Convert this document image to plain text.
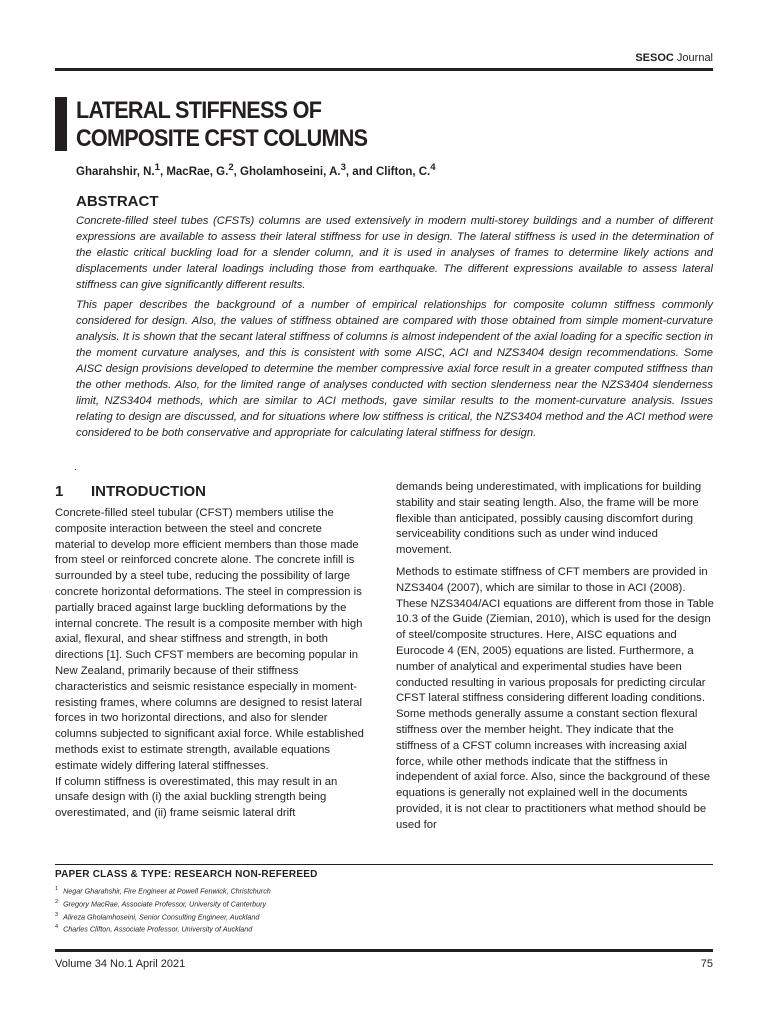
SESOC Journal
LATERAL STIFFNESS OF
COMPOSITE CFST COLUMNS
Gharahshir, N.$^1$, MacRae, G.$^2$, Gholamhoseini, A.$^3$, and Clifton, C.$^4$
ABSTRACT

Concrete-filled steel tubes (CFSTs) columns are used extensively in modern multi-storey buildings and a number of different expressions are available to assess their lateral stiffness for use in design. The lateral stiffness is used in the determination of the elastic critical buckling load for a slender column, and it is used in analyses of frames to determine likely actions and displacements under lateral loadings including those from earthquake. The different expressions available to assess lateral stiffness can give significantly different results.

This paper describes the background of a number of empirical relationships for composite column stiffness commonly considered for design. Also, the values of stiffness obtained are compared with those obtained from simple moment-curvature analysis. It is shown that the secant lateral stiffness of columns is almost independent of the axial loading for a specific section in the moment curvature analyses, and this is consistent with some AISC, ACI and NZS3404 design recommendations. Some AISC design provisions developed to determine the member compressive axial force result in a greater computed stiffness than the other methods. Also, for the limited range of analyses conducted with section slenderness near the NZS3404 slenderness limit, NZS3404 methods, which are similar to ACI methods, gave similar results to the moment-curvature analysis. Issues relating to design are discussed, and for situations where low stiffness is critical, the NZS3404 method and the ACI method were considered to be both conservative and appropriate for calculating lateral stiffness for design.

.
1 INTRODUCTION

Concrete-filled steel tubular (CFST) members utilise the composite interaction between the steel and concrete material to develop more efficient members than those made from steel or reinforced concrete alone. The concrete infill is surrounded by a steel tube, reducing the possibility of large concrete horizontal deformations. The steel in compression is partially braced against large buckling deformations by the internal concrete. The result is a composite member with high axial, flexural, and shear stiffness and strength, in both directions [1]. Such CFST members are becoming popular in New Zealand, primarily because of their stiffness characteristics and seismic resistance especially in moment-resisting frames, where columns are designed to resist lateral forces in two horizontal directions, and also for slender columns subjected to significant axial force. While established methods exist to estimate strength, available equations estimate widely differing lateral stiffnesses.

If column stiffness is overestimated, this may result in an unsafe design with (i) the axial buckling strength being overestimated, and (ii) frame seismic lateral drift

demands being underestimated, with implications for building stability and stair seating length. Also, the frame will be more flexible than anticipated, possibly causing discomfort during serviceability conditions such as under wind induced movement.

Methods to estimate stiffness of CFT members are provided in NZS3404 (2007), which are similar to those in ACI (2008). These NZS3404/ACI equations are different from those in Table 10.3 of the Guide (Ziemian, 2010), which is used for the design of steel/composite structures. Here, AISC equations and Eurocode 4 (EN, 2005) equations are listed. Furthermore, a number of analytical and experimental studies have been conducted resulting in various proposals for predicting circular CFST lateral stiffness considering different loading conditions. Some methods generally assume a constant section flexural stiffness over the member height. They indicate that the stiffness of a CFST column increases with increasing axial force, while other methods indicate that the stiffness in independent of axial force. Also, since the background of these equations is generally not explained well in the documents provided, it is not clear to practitioners what method should be used for

PAPER CLASS & TYPE: RESEARCH NON-REFEREED
$^1$ Negar Gharahshir, Fire Engineer at Powell Fenwick, Christchurch
$^2$ Gregory MacRae, Associate Professor, University of Canterbury
$^3$ Alireza Gholamhoseini, Senior Consulting Engineer, Auckland
$^4$ Charles Clifton, Associate Professor, University of Auckland
Volume 34 No.1 April 2021	75
